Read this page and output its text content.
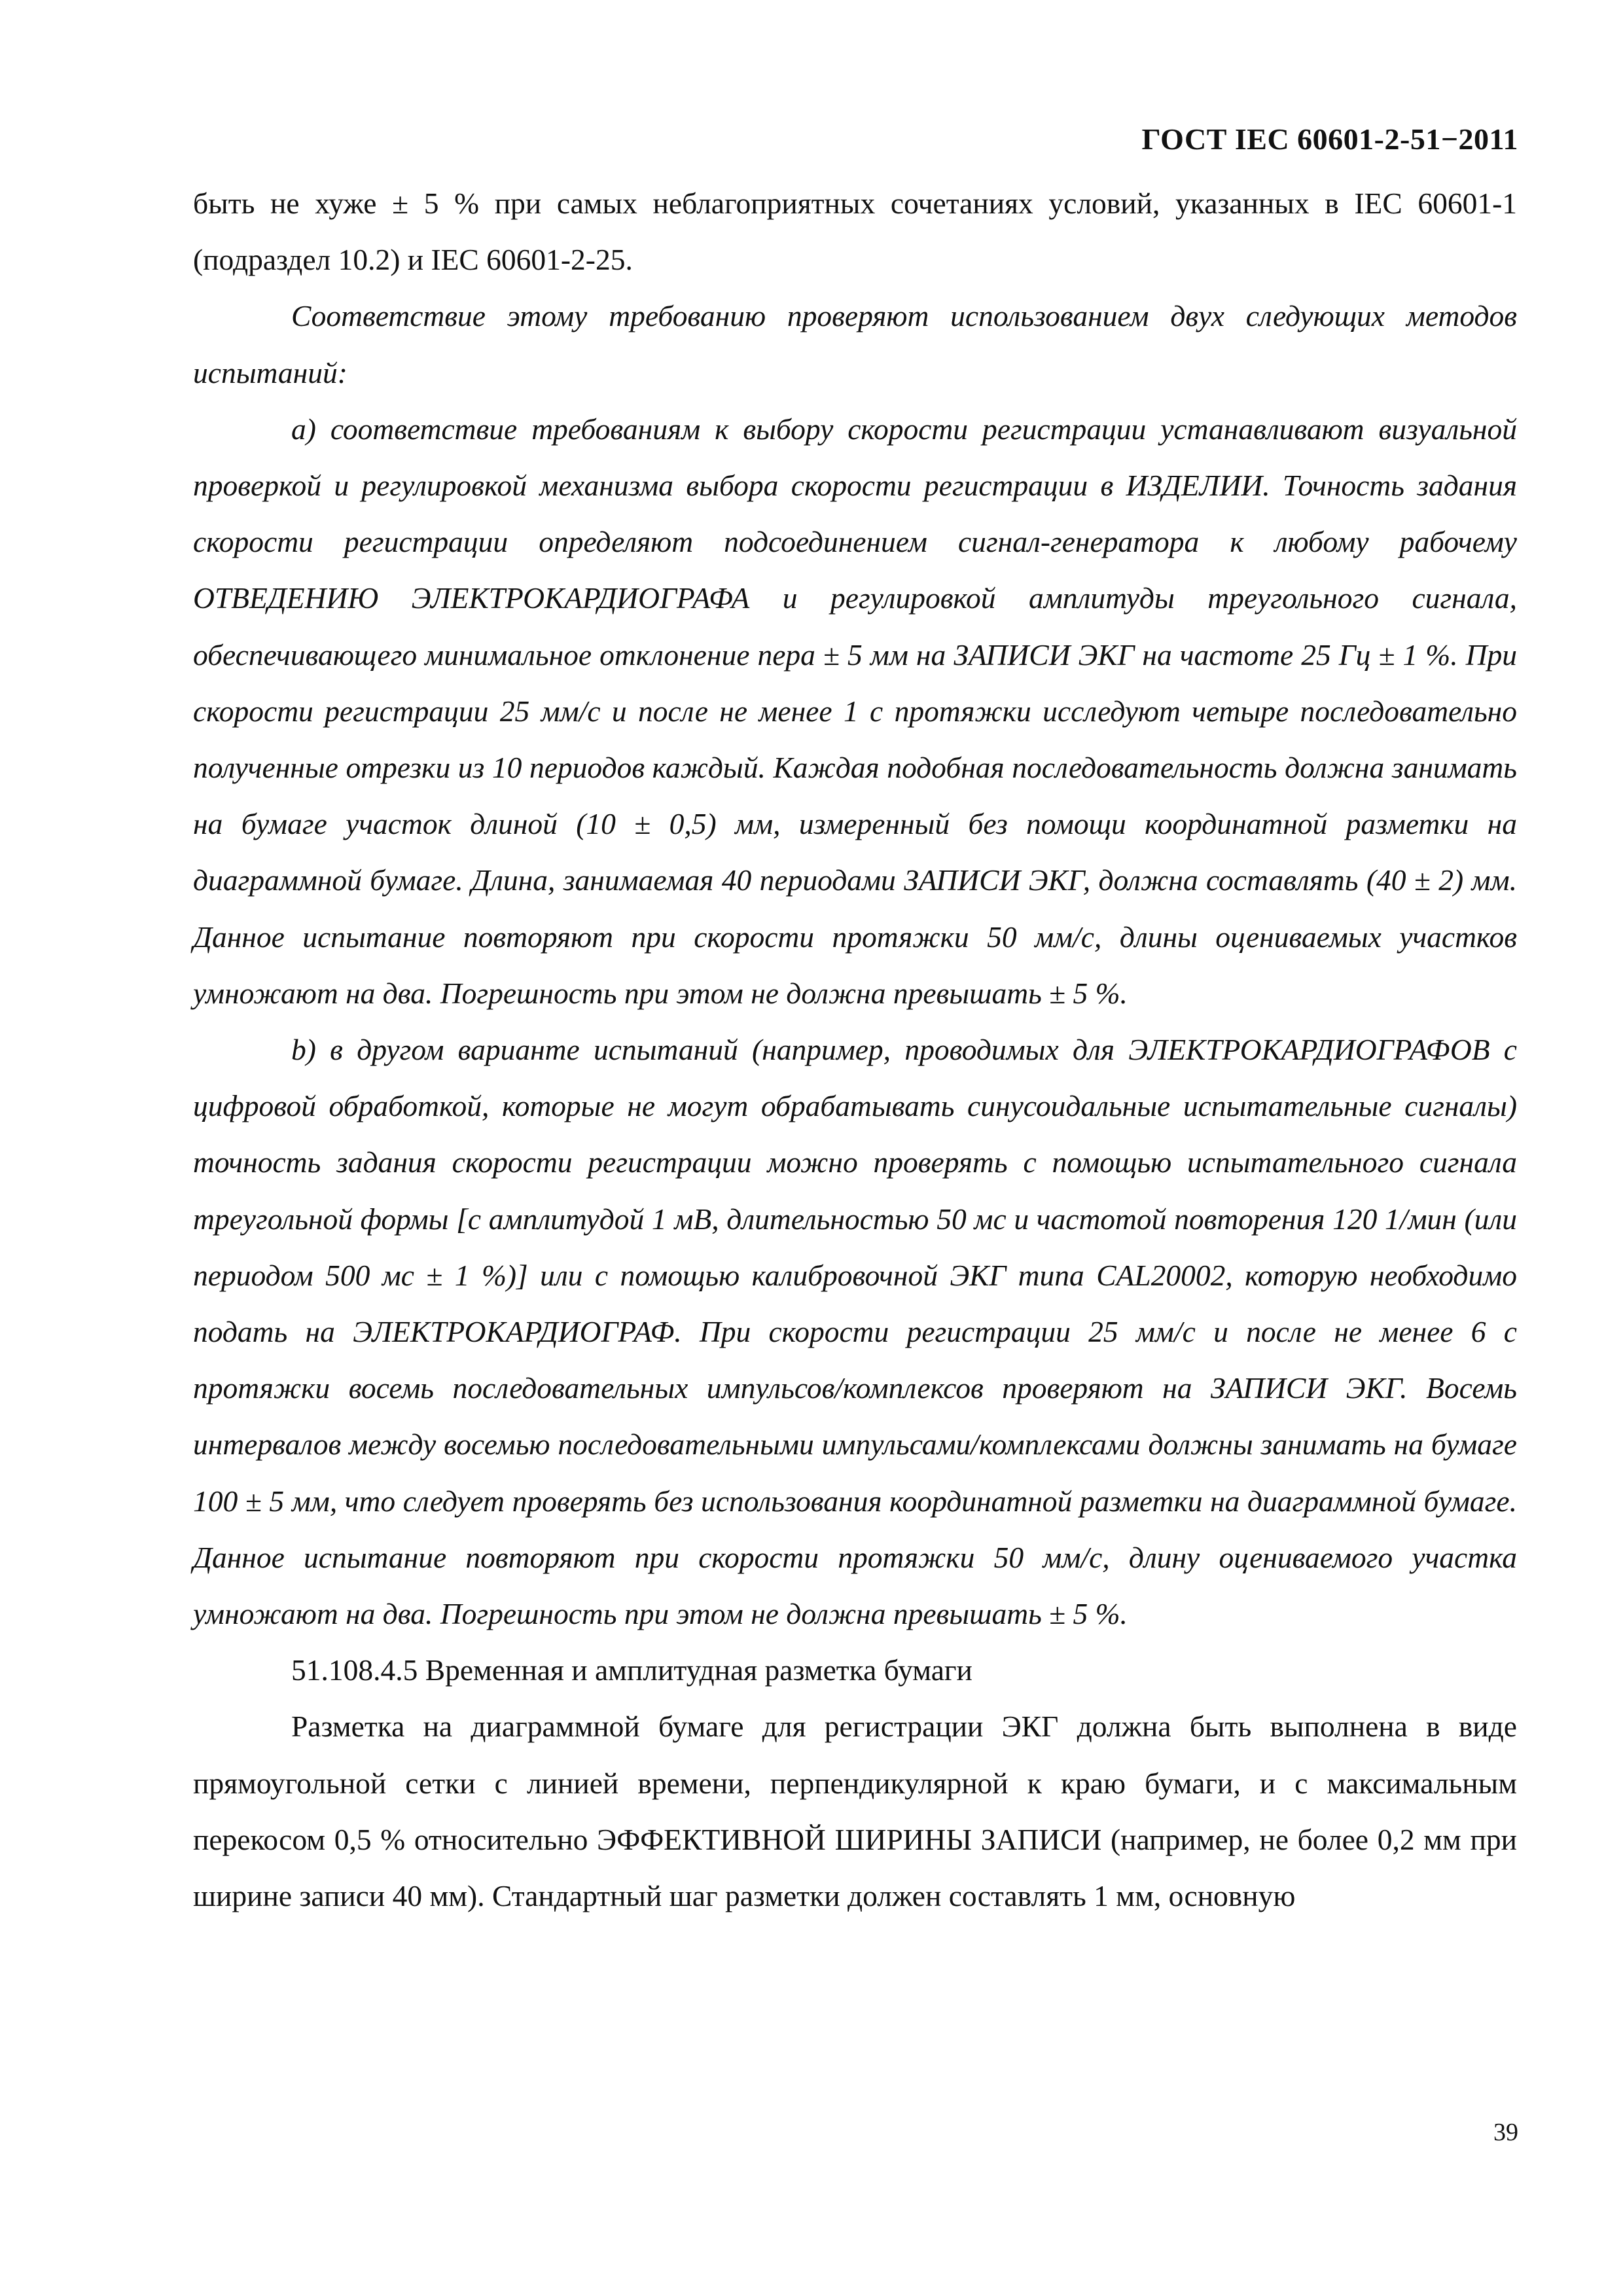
ГОСТ IEC 60601-2-51−2011

быть не хуже ± 5 % при самых неблагоприятных сочетаниях условий, указанных в IEC 60601-1 (подраздел 10.2) и IEC 60601-2-25.

Соответствие этому требованию проверяют использованием двух следующих методов испытаний:

а) соответствие требованиям к выбору скорости регистрации устанавливают визуальной проверкой и регулировкой механизма выбора скорости регистрации в ИЗДЕЛИИ. Точность задания скорости регистрации определяют подсоединением сигнал-генератора к любому рабочему ОТВЕДЕНИЮ ЭЛЕКТРОКАРДИОГРАФА и регулировкой амплитуды треугольного сигнала, обеспечивающего минимальное отклонение пера ± 5 мм на ЗАПИСИ ЭКГ на частоте 25 Гц ± 1 %. При скорости регистрации 25 мм/с и после не менее 1 с протяжки исследуют четыре последовательно полученные отрезки из 10 периодов каждый. Каждая подобная последовательность должна занимать на бумаге участок длиной (10 ± 0,5) мм, измеренный без помощи координатной разметки на диаграммной бумаге. Длина, занимаемая 40 периодами ЗАПИСИ ЭКГ, должна составлять (40 ± 2) мм. Данное испытание повторяют при скорости протяжки 50 мм/с, длины оцениваемых участков умножают на два. Погрешность при этом не должна превышать ± 5 %.

b) в другом варианте испытаний (например, проводимых для ЭЛЕКТРОКАРДИОГРАФОВ с цифровой обработкой, которые не могут обрабатывать синусоидальные испытательные сигналы) точность задания скорости регистрации можно проверять с помощью испытательного сигнала треугольной формы [с амплитудой 1 мВ, длительностью 50 мс и частотой повторения 120 1/мин (или периодом 500 мс ± 1 %)] или с помощью калибровочной ЭКГ типа CAL20002, которую необходимо подать на ЭЛЕКТРОКАРДИОГРАФ. При скорости регистрации 25 мм/с и после не менее 6 с протяжки восемь последовательных импульсов/комплексов проверяют на ЗАПИСИ ЭКГ. Восемь интервалов между восемью последовательными импульсами/комплексами должны занимать на бумаге 100 ± 5 мм, что следует проверять без использования координатной разметки на диаграммной бумаге. Данное испытание повторяют при скорости протяжки 50 мм/с, длину оцениваемого участка умножают на два. Погрешность при этом не должна превышать ± 5 %.

51.108.4.5 Временная и амплитудная разметка бумаги

Разметка на диаграммной бумаге для регистрации ЭКГ должна быть выполнена в виде прямоугольной сетки с линией времени, перпендикулярной к краю бумаги, и с максимальным перекосом 0,5 % относительно ЭФФЕКТИВНОЙ ШИРИНЫ ЗАПИСИ (например, не более 0,2 мм при ширине записи 40 мм). Стандартный шаг разметки должен составлять 1 мм, основную

39
